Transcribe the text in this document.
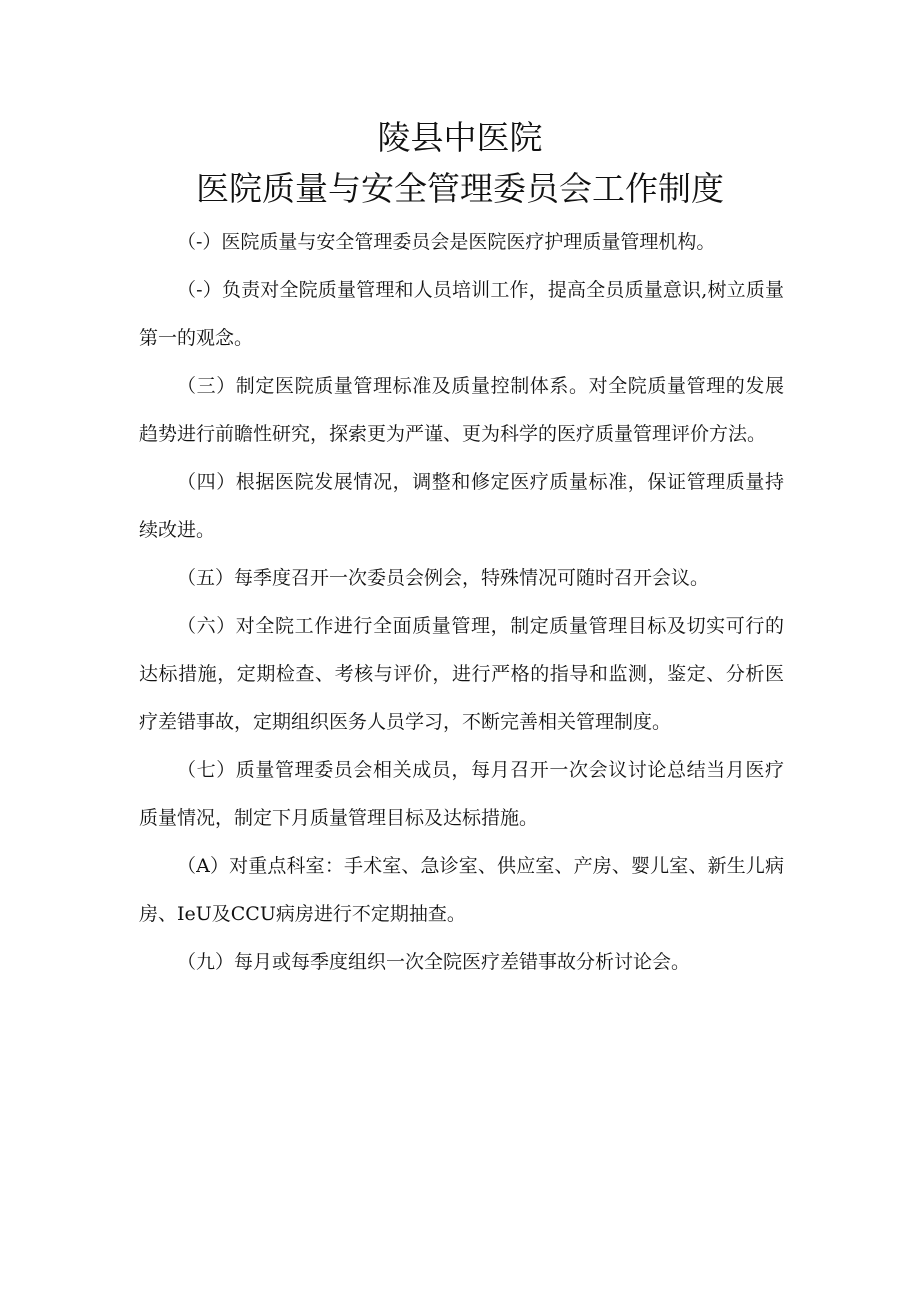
陵县中医院
医院质量与安全管理委员会工作制度

（-）医院质量与安全管理委员会是医院医疗护理质量管理机构。

（-）负责对全院质量管理和人员培训工作，提高全员质量意识,树立质量第一的观念。

（三）制定医院质量管理标准及质量控制体系。对全院质量管理的发展趋势进行前瞻性研究，探索更为严谨、更为科学的医疗质量管理评价方法。

（四）根据医院发展情况，调整和修定医疗质量标准，保证管理质量持续改进。

（五）每季度召开一次委员会例会，特殊情况可随时召开会议。

（六）对全院工作进行全面质量管理，制定质量管理目标及切实可行的达标措施，定期检查、考核与评价，进行严格的指导和监测，鉴定、分析医疗差错事故，定期组织医务人员学习，不断完善相关管理制度。

（七）质量管理委员会相关成员，每月召开一次会议讨论总结当月医疗质量情况，制定下月质量管理目标及达标措施。

（A）对重点科室：手术室、急诊室、供应室、产房、婴儿室、新生儿病房、IeU及CCU病房进行不定期抽查。

（九）每月或每季度组织一次全院医疗差错事故分析讨论会。
